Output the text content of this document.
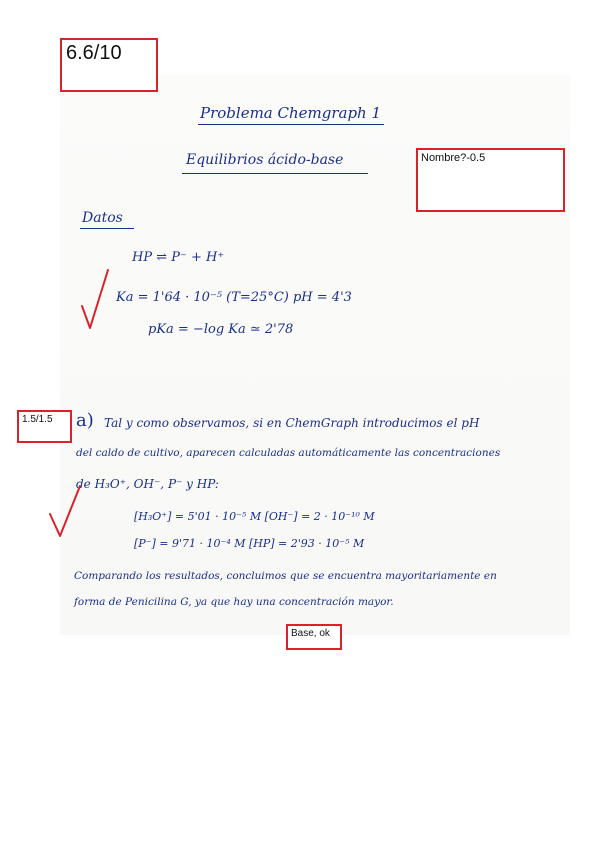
6.6/10
Problema Chemgraph 1
Equilibrios ácido-base	Nombre?-0.5
Datos
HP ⇌ P⁻ + H⁺
Ka = 1'64 · 10⁻⁵ (T=25°C) pH = 4'3
pKa = −log Ka ≃ 2'78
1.5/1.5	a) Tal y como observamos, si en ChemGraph introducimos el pH
del caldo de cultivo, aparecen calculadas automáticamente las concentraciones
de H₃O⁺, OH⁻, P⁻ y HP:
[H₃O⁺] = 5'01 · 10⁻⁵ M [OH⁻] = 2 · 10⁻¹⁰ M
[P⁻] = 9'71 · 10⁻⁴ M [HP] = 2'93 · 10⁻⁵ M
Comparando los resultados, concluimos que se encuentra mayoritariamente en
forma de Penicilina G, ya que hay una concentración mayor.
Base, ok
